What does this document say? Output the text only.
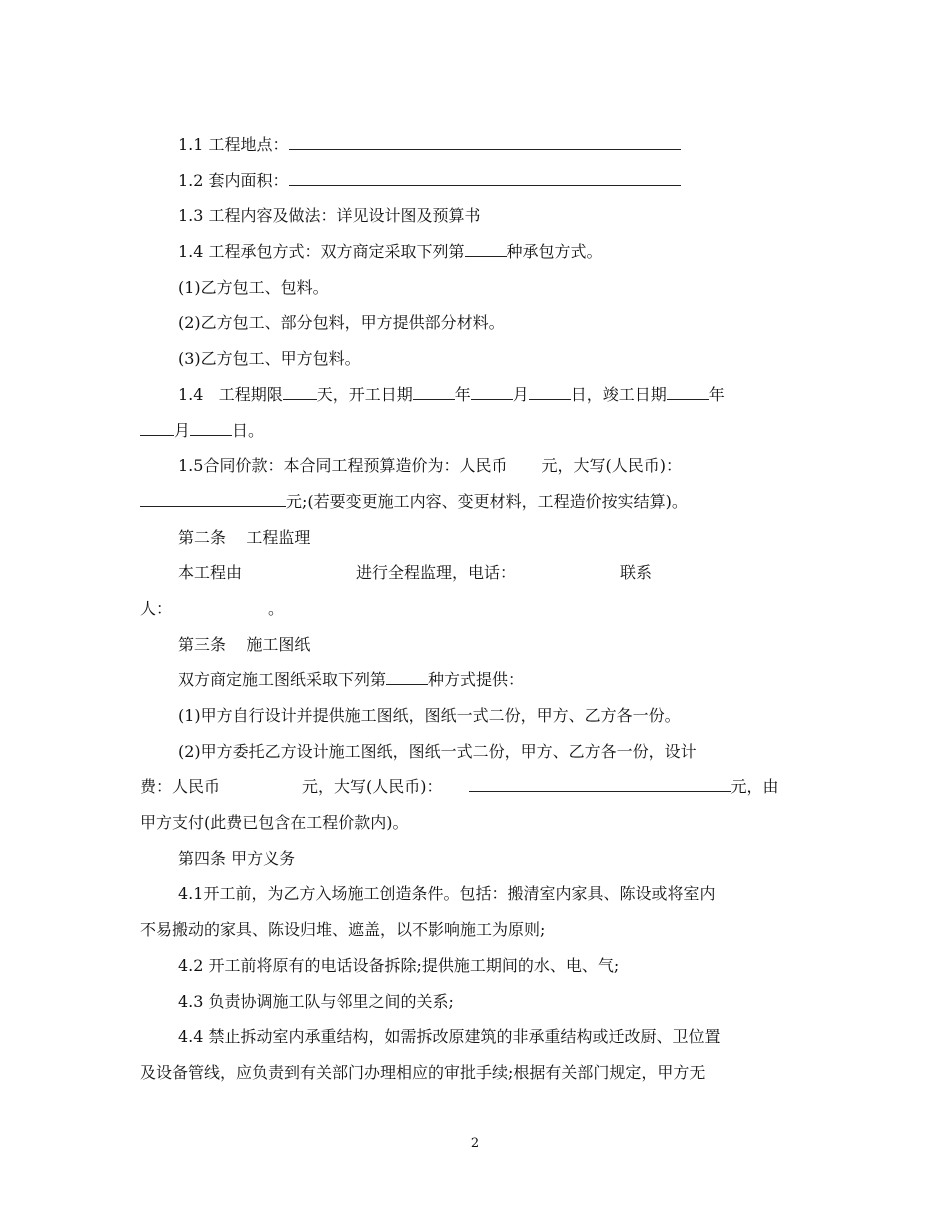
1.1 工程地点：
1.2 套内面积：
1.3 工程内容及做法：详见设计图及预算书
1.4 工程承包方式：双方商定采取下列第	种承包方式。
(1)乙方包工、包料。
(2)乙方包工、部分包料，甲方提供部分材料。
(3)乙方包工、甲方包料。
1.4   工程期限 天，开工日期	年	月	日，竣工日期	年
月	日。
1.5合同价款：本合同工程预算造价为：人民币 元，大写(人民币)：
元;(若要变更施工内容、变更材料，工程造价按实结算)。
第二条    工程监理
本工程由	进行全程监理，电话：	联系
人：	。
第三条    施工图纸
双方商定施工图纸采取下列第	种方式提供：
(1)甲方自行设计并提供施工图纸，图纸一式二份，甲方、乙方各一份。
(2)甲方委托乙方设计施工图纸，图纸一式二份，甲方、乙方各一份，设计
费：人民币	元，大写(人民币)：	元，由
甲方支付(此费已包含在工程价款内)。
第四条 甲方义务
4.1开工前，为乙方入场施工创造条件。包括：搬清室内家具、陈设或将室内
不易搬动的家具、陈设归堆、遮盖，以不影响施工为原则;
4.2 开工前将原有的电话设备拆除;提供施工期间的水、电、气;
4.3 负责协调施工队与邻里之间的关系;
4.4 禁止拆动室内承重结构，如需拆改原建筑的非承重结构或迁改厨、卫位置
及设备管线，应负责到有关部门办理相应的审批手续;根据有关部门规定，甲方无
2
